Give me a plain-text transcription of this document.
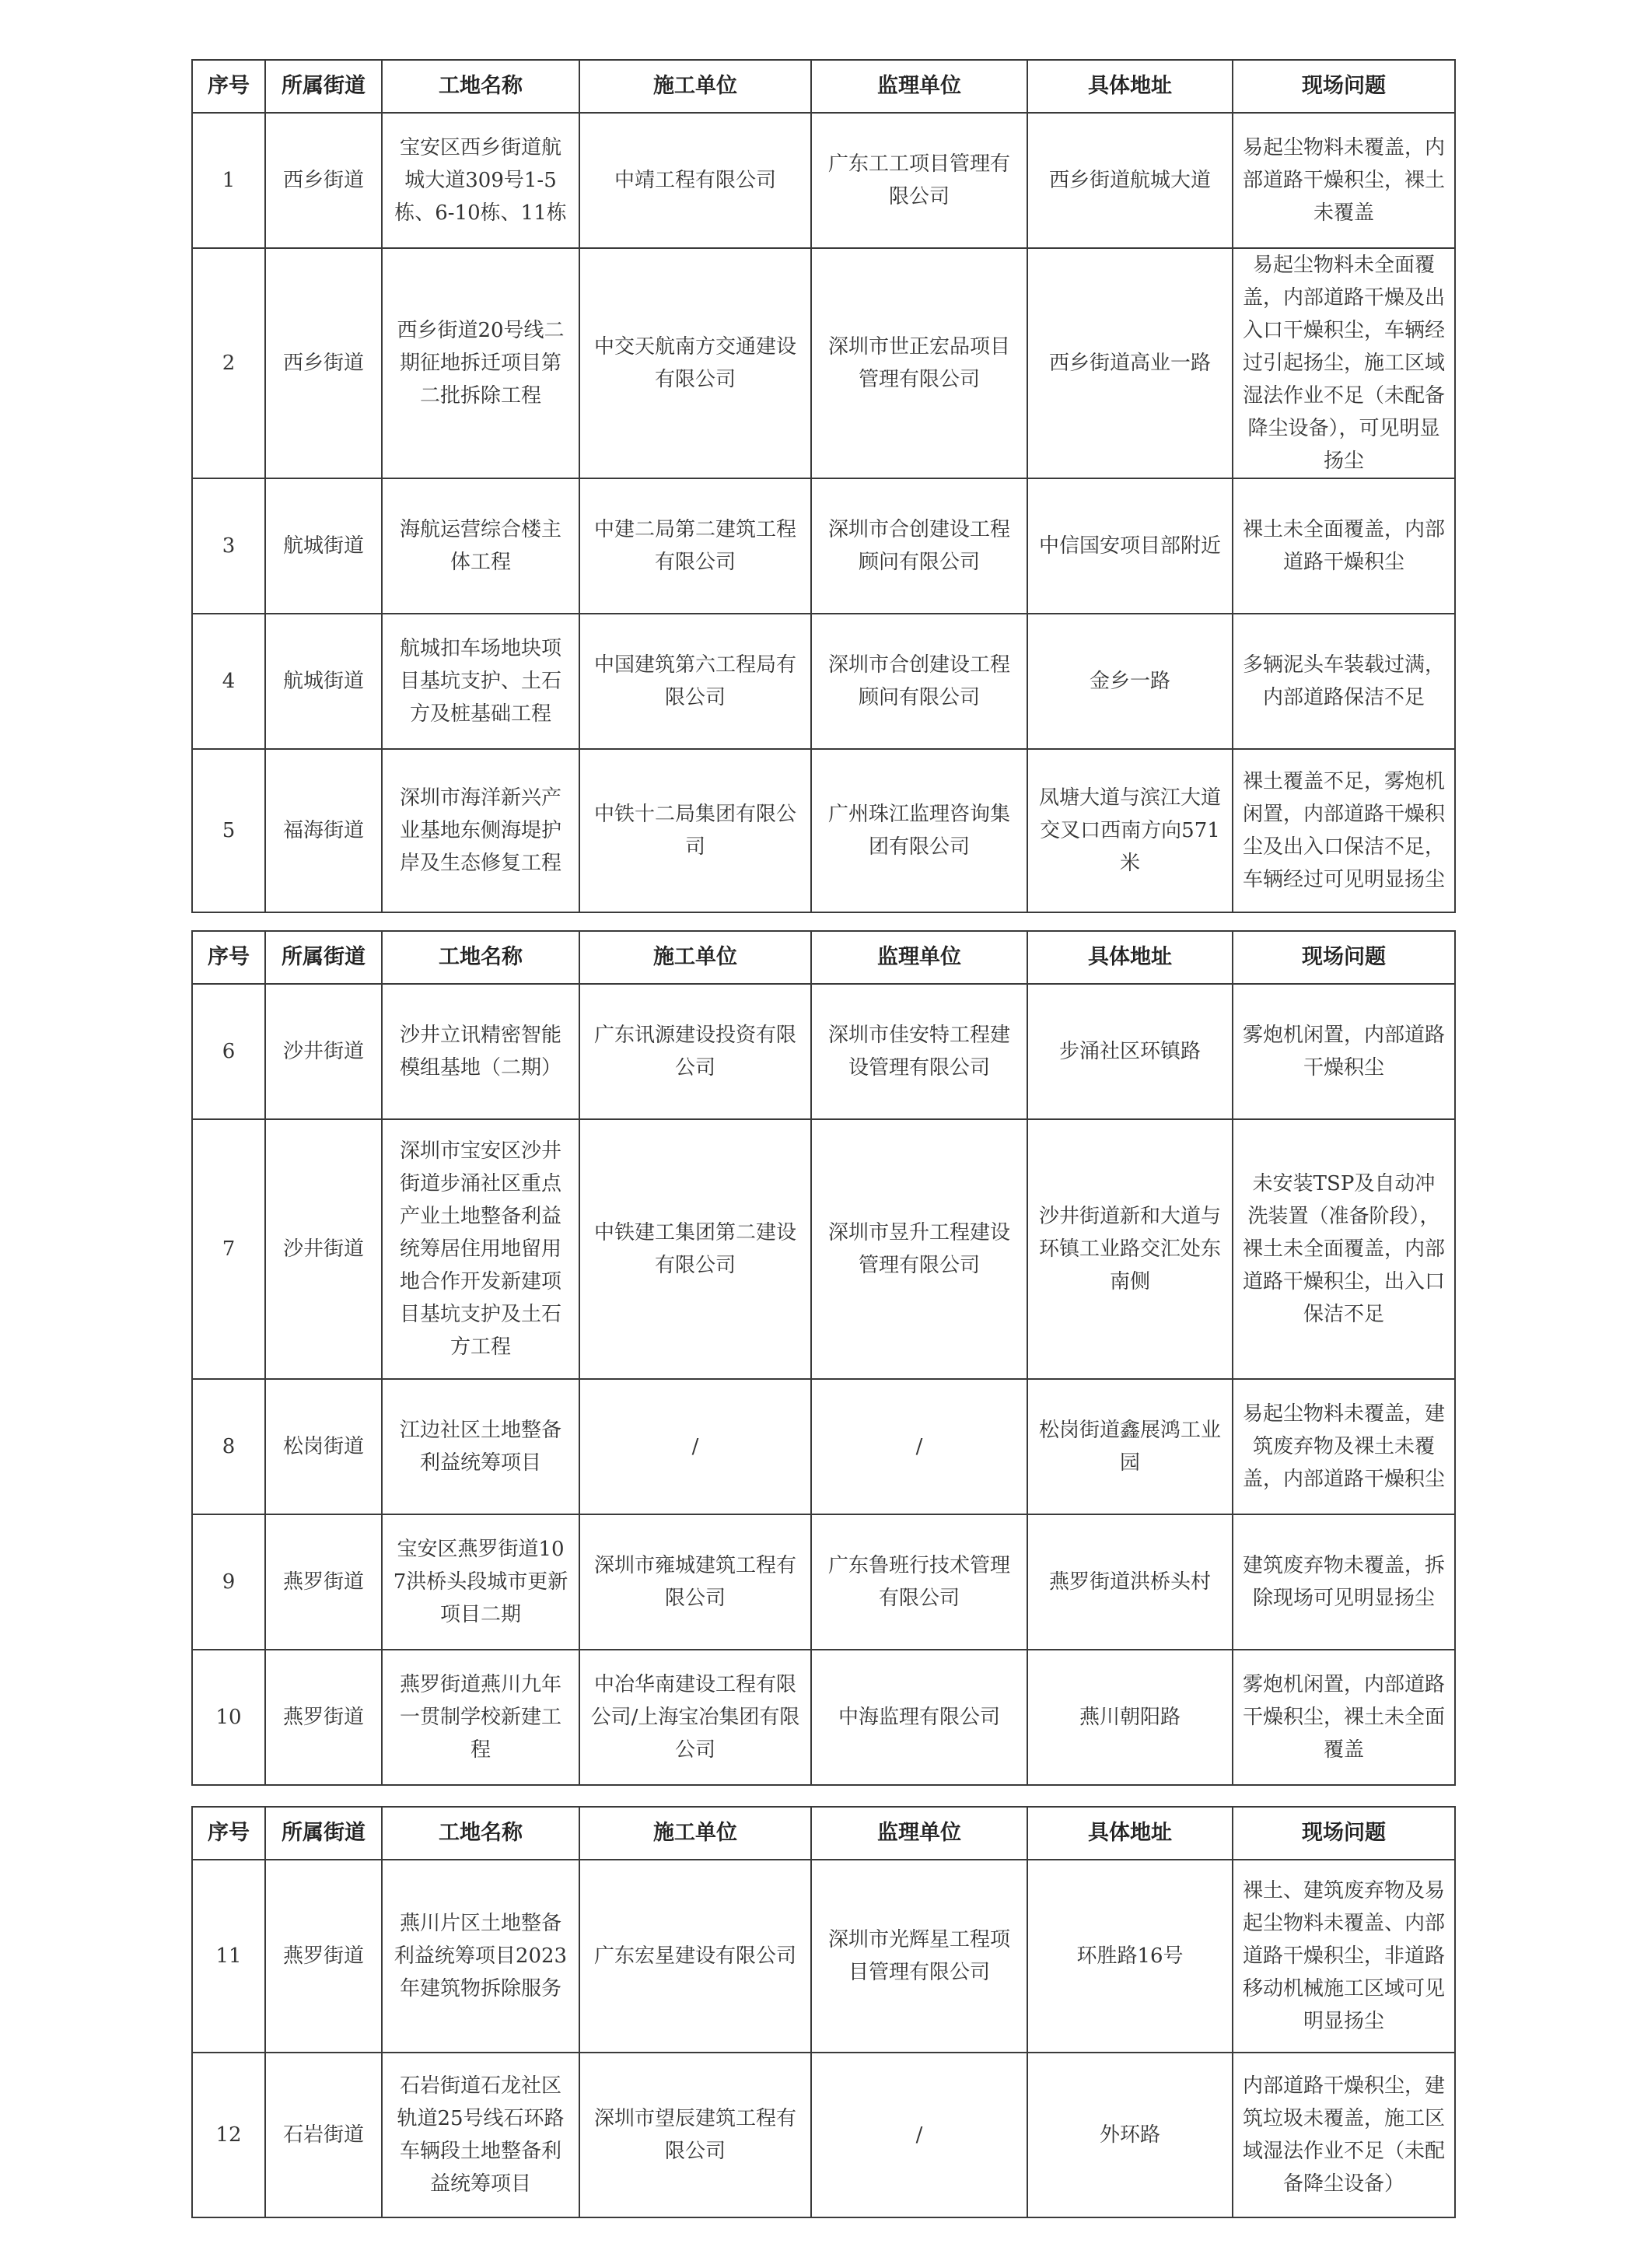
序号	所属街道	工地名称	施工单位	监理单位	具体地址	现场问题
1	西乡街道	宝安区西乡街道航城大道309号1-5栋、6-10栋、11栋	中靖工程有限公司	广东工工项目管理有限公司	西乡街道航城大道	易起尘物料未覆盖，内部道路干燥积尘，裸土未覆盖
2	西乡街道	西乡街道20号线二期征地拆迁项目第二批拆除工程	中交天航南方交通建设有限公司	深圳市世正宏品项目管理有限公司	西乡街道高业一路	易起尘物料未全面覆盖，内部道路干燥及出入口干燥积尘，车辆经过引起扬尘，施工区域湿法作业不足（未配备降尘设备），可见明显扬尘
3	航城街道	海航运营综合楼主体工程	中建二局第二建筑工程有限公司	深圳市合创建设工程顾问有限公司	中信国安项目部附近	裸土未全面覆盖，内部道路干燥积尘
4	航城街道	航城扣车场地块项目基坑支护、土石方及桩基础工程	中国建筑第六工程局有限公司	深圳市合创建设工程顾问有限公司	金乡一路	多辆泥头车装载过满，内部道路保洁不足
5	福海街道	深圳市海洋新兴产业基地东侧海堤护岸及生态修复工程	中铁十二局集团有限公司	广州珠江监理咨询集团有限公司	凤塘大道与滨江大道交叉口西南方向571米	裸土覆盖不足，雾炮机闲置，内部道路干燥积尘及出入口保洁不足，车辆经过可见明显扬尘
序号	所属街道	工地名称	施工单位	监理单位	具体地址	现场问题
6	沙井街道	沙井立讯精密智能模组基地（二期）	广东讯源建设投资有限公司	深圳市佳安特工程建设管理有限公司	步涌社区环镇路	雾炮机闲置，内部道路干燥积尘
7	沙井街道	深圳市宝安区沙井街道步涌社区重点产业土地整备利益统筹居住用地留用地合作开发新建项目基坑支护及土石方工程	中铁建工集团第二建设有限公司	深圳市昱升工程建设管理有限公司	沙井街道新和大道与环镇工业路交汇处东南侧	未安装TSP及自动冲洗装置（准备阶段），裸土未全面覆盖，内部道路干燥积尘，出入口保洁不足
8	松岗街道	江边社区土地整备利益统筹项目	/	/	松岗街道鑫展鸿工业园	易起尘物料未覆盖，建筑废弃物及裸土未覆盖，内部道路干燥积尘
9	燕罗街道	宝安区燕罗街道107洪桥头段城市更新项目二期	深圳市雍城建筑工程有限公司	广东鲁班行技术管理有限公司	燕罗街道洪桥头村	建筑废弃物未覆盖，拆除现场可见明显扬尘
10	燕罗街道	燕罗街道燕川九年一贯制学校新建工程	中冶华南建设工程有限公司/上海宝冶集团有限公司	中海监理有限公司	燕川朝阳路	雾炮机闲置，内部道路干燥积尘，裸土未全面覆盖
序号	所属街道	工地名称	施工单位	监理单位	具体地址	现场问题
11	燕罗街道	燕川片区土地整备利益统筹项目2023年建筑物拆除服务	广东宏星建设有限公司	深圳市光辉星工程项目管理有限公司	环胜路16号	裸土、建筑废弃物及易起尘物料未覆盖、内部道路干燥积尘，非道路移动机械施工区域可见明显扬尘
12	石岩街道	石岩街道石龙社区轨道25号线石环路车辆段土地整备利益统筹项目	深圳市望辰建筑工程有限公司	/	外环路	内部道路干燥积尘，建筑垃圾未覆盖，施工区域湿法作业不足（未配备降尘设备）
